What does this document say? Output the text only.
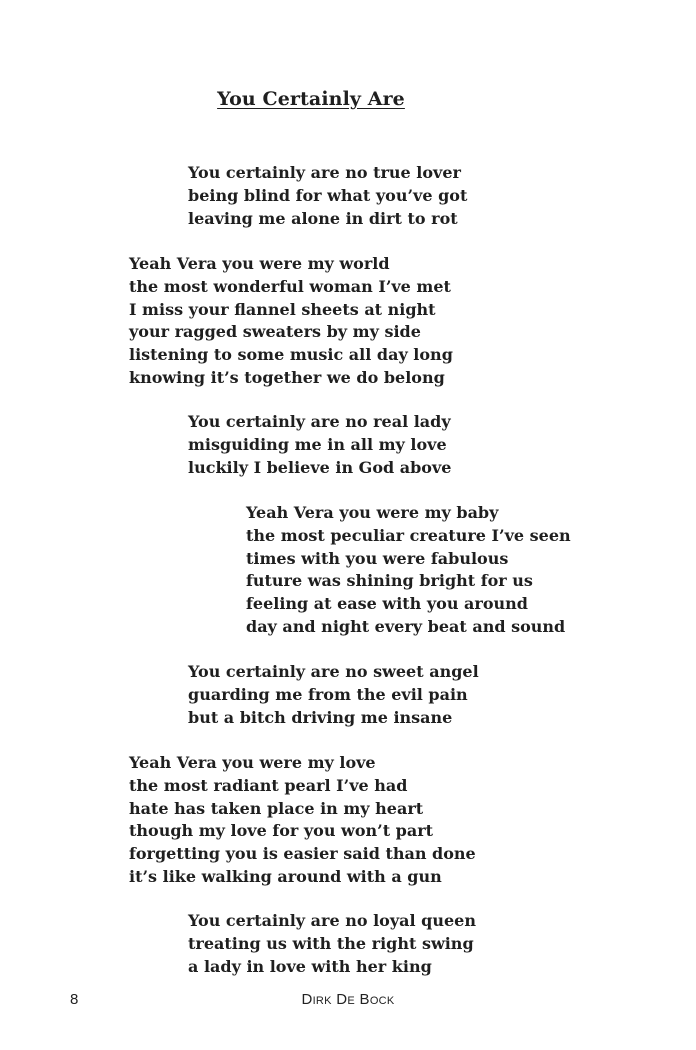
You Certainly Are
You certainly are no true lover
being blind for what you’ve got
leaving me alone in dirt to rot
Yeah Vera you were my world
the most wonderful woman I’ve met
I miss your flannel sheets at night
your ragged sweaters by my side
listening to some music all day long
knowing it’s together we do belong
You certainly are no real lady
misguiding me in all my love
luckily I believe in God above
Yeah Vera you were my baby
the most peculiar creature I’ve seen
times with you were fabulous
future was shining bright for us
feeling at ease with you around
day and night every beat and sound
You certainly are no sweet angel
guarding me from the evil pain
but a bitch driving me insane
Yeah Vera you were my love
the most radiant pearl I’ve had
hate has taken place in my heart
though my love for you won’t part
forgetting you is easier said than done
it’s like walking around with a gun
You certainly are no loyal queen
treating us with the right swing
a lady in love with her king
8	Dirk De Bock
